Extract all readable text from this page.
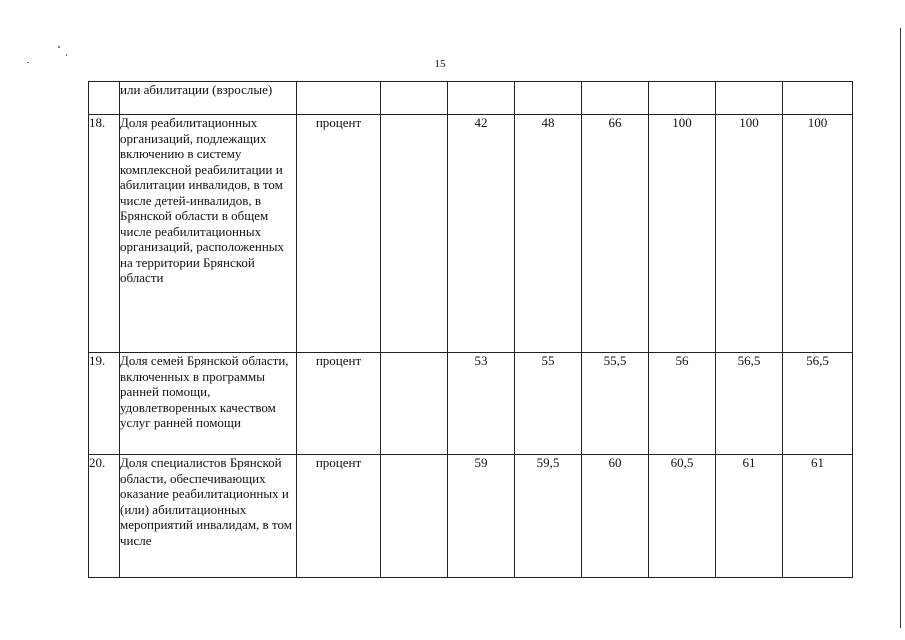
15
	или абилитации (взрослые)								
18.	Доля реабилитационных организаций, подлежащих включению в систему комплексной реабилитации и абилитации инвалидов, в том числе детей-инвалидов, в Брянской области в общем числе реабилитационных организаций, расположенных на территории Брянской области	процент		42	48	66	100	100	100
19.	Доля семей Брянской области, включенных в программы ранней помощи, удовлетворенных качеством услуг ранней помощи	процент		53	55	55,5	56	56,5	56,5
20.	Доля специалистов Брянской области, обеспечивающих оказание реабилитационных и (или) абилитационных мероприятий инвалидам, в том числе	процент		59	59,5	60	60,5	61	61
